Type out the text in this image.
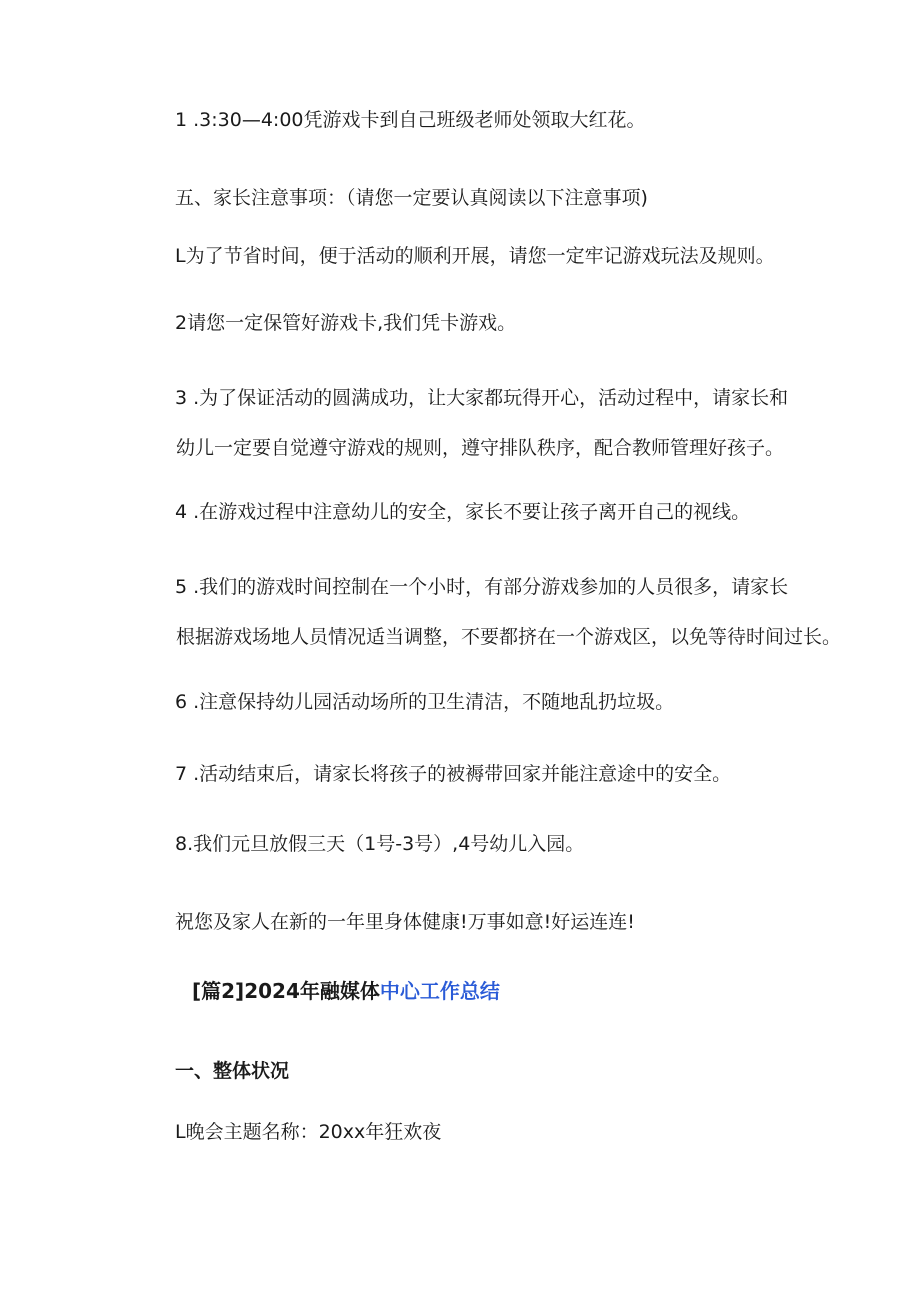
1 .3:30—4:00凭游戏卡到自己班级老师处领取大红花。
五、家长注意事项：（请您一定要认真阅读以下注意事项)
L为了节省时间，便于活动的顺利开展，请您一定牢记游戏玩法及规则。
2请您一定保管好游戏卡,我们凭卡游戏。
3 .为了保证活动的圆满成功，让大家都玩得开心，活动过程中，请家长和
幼儿一定要自觉遵守游戏的规则，遵守排队秩序，配合教师管理好孩子。
4 .在游戏过程中注意幼儿的安全，家长不要让孩子离开自己的视线。
5 .我们的游戏时间控制在一个小时，有部分游戏参加的人员很多，请家长
根据游戏场地人员情况适当调整，不要都挤在一个游戏区，以免等待时间过长。
6 .注意保持幼儿园活动场所的卫生清洁，不随地乱扔垃圾。
7 .活动结束后，请家长将孩子的被褥带回家并能注意途中的安全。
8.我们元旦放假三天（1号-3号）,4号幼儿入园。
祝您及家人在新的一年里身体健康!万事如意!好运连连!
[篇2]2024年融媒体中心工作总结
一、整体状况
L晚会主题名称：20xx年狂欢夜
